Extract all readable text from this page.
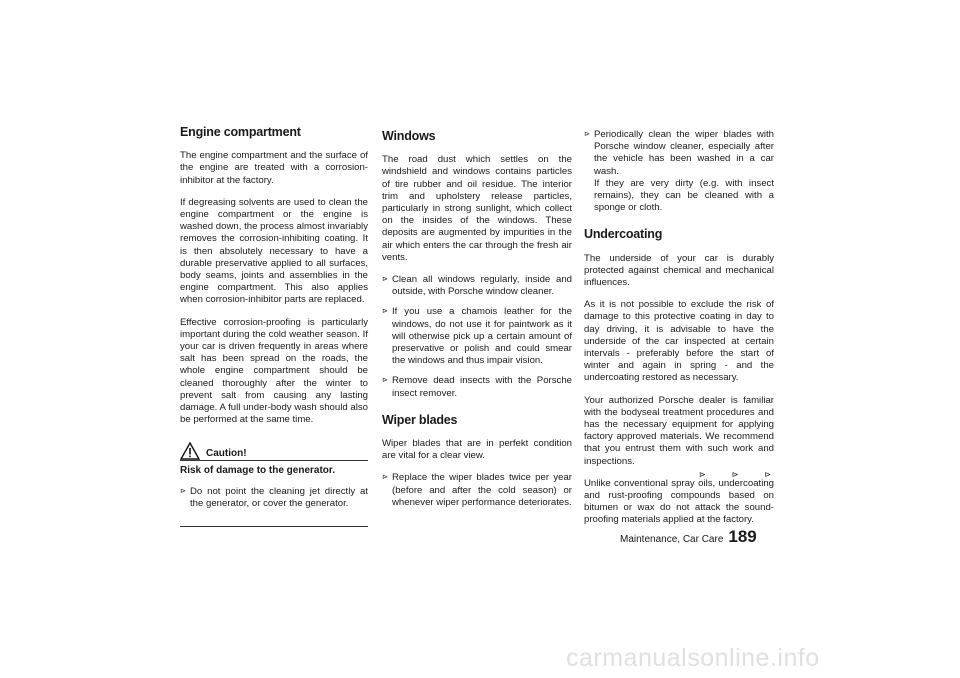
Engine compartment

The engine compartment and the surface of the engine are treated with a corrosion-inhibitor at the factory.

If degreasing solvents are used to clean the engine compartment or the engine is washed down, the process almost invariably removes the corrosion-inhibiting coating. It is then absolutely necessary to have a durable preservative applied to all surfaces, body seams, joints and assemblies in the engine compartment. This also applies when corrosion-inhibitor parts are replaced.

Effective corrosion-proofing is particularly important during the cold weather season. If your car is driven frequently in areas where salt has been spread on the roads, the whole engine compartment should be cleaned thoroughly after the winter to prevent salt from causing any lasting damage. A full under-body wash should also be performed at the same time.

Caution!
Risk of damage to the generator.
⊳ Do not point the cleaning jet directly at the generator, or cover the generator.
Windows

The road dust which settles on the windshield and windows contains particles of tire rubber and oil residue. The interior trim and upholstery release particles, particularly in strong sunlight, which collect on the insides of the windows. These deposits are augmented by impurities in the air which enters the car through the fresh air vents.

⊳ Clean all windows regularly, inside and outside, with Porsche window cleaner.
⊳ If you use a chamois leather for the windows, do not use it for paintwork as it will otherwise pick up a certain amount of preservative or polish and could smear the windows and thus impair vision.
⊳ Remove dead insects with the Porsche insect remover.
Wiper blades

Wiper blades that are in perfekt condition are vital for a clear view.

⊳ Replace the wiper blades twice per year (before and after the cold season) or whenever wiper performance deteriorates.
⊳ Periodically clean the wiper blades with Porsche window cleaner, especially after the vehicle has been washed in a car wash.
If they are very dirty (e.g. with insect remains), they can be cleaned with a sponge or cloth.
Undercoating

The underside of your car is durably protected against chemical and mechanical influences.

As it is not possible to exclude the risk of damage to this protective coating in day to day driving, it is advisable to have the underside of the car inspected at certain intervals - preferably before the start of winter and again in spring - and the undercoating restored as necessary.

Your authorized Porsche dealer is familiar with the bodyseal treatment procedures and has the necessary equipment for applying factory approved materials. We recommend that you entrust them with such work and inspections.

Unlike conventional spray oils, undercoating and rust-proofing compounds based on bitumen or wax do not attack the sound-proofing materials applied at the factory.

⊳	⊳	⊳
Maintenance, Car Care 189
carmanualsonline.info
